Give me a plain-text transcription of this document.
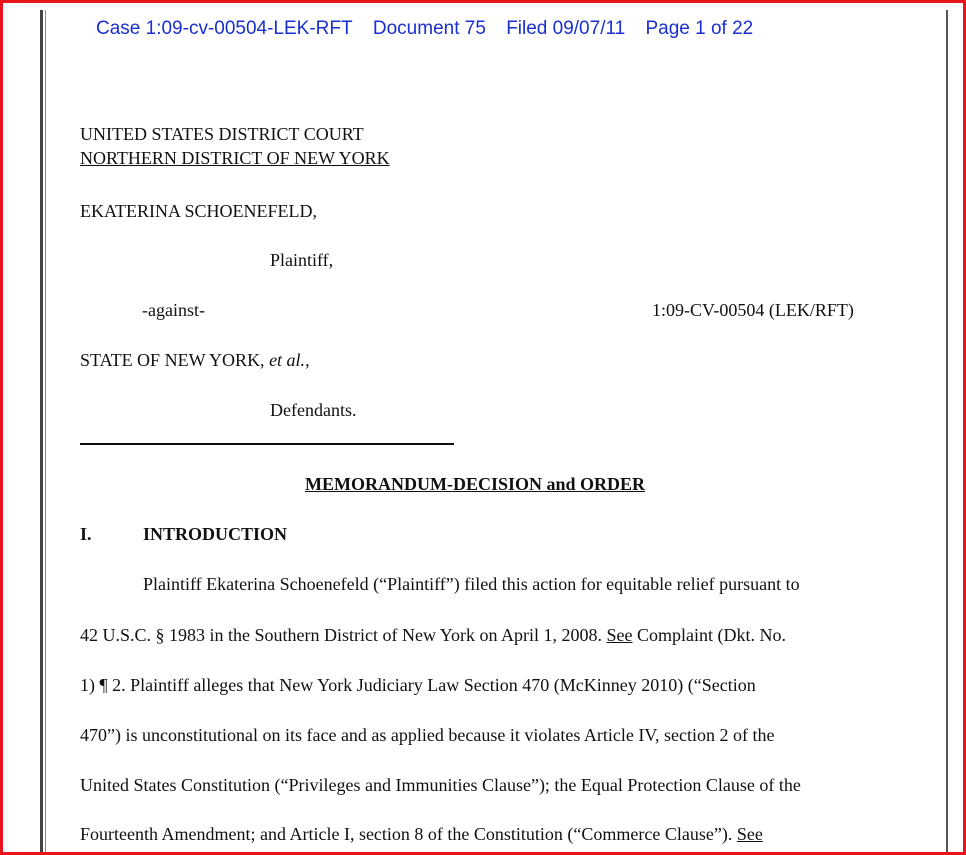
Case 1:09-cv-00504-LEK-RFT Document 75 Filed 09/07/11 Page 1 of 22
UNITED STATES DISTRICT COURT
NORTHERN DISTRICT OF NEW YORK
EKATERINA SCHOENEFELD,
Plaintiff,
-against-	1:09-CV-00504 (LEK/RFT)
STATE OF NEW YORK, et al.,
Defendants.
MEMORANDUM-DECISION and ORDER
I.	INTRODUCTION
Plaintiff Ekaterina Schoenefeld (“Plaintiff”) filed this action for equitable relief pursuant to
42 U.S.C. § 1983 in the Southern District of New York on April 1, 2008. See Complaint (Dkt. No.
1) ¶ 2. Plaintiff alleges that New York Judiciary Law Section 470 (McKinney 2010) (“Section
470”) is unconstitutional on its face and as applied because it violates Article IV, section 2 of the
United States Constitution (“Privileges and Immunities Clause”); the Equal Protection Clause of the
Fourteenth Amendment; and Article I, section 8 of the Constitution (“Commerce Clause”). See
